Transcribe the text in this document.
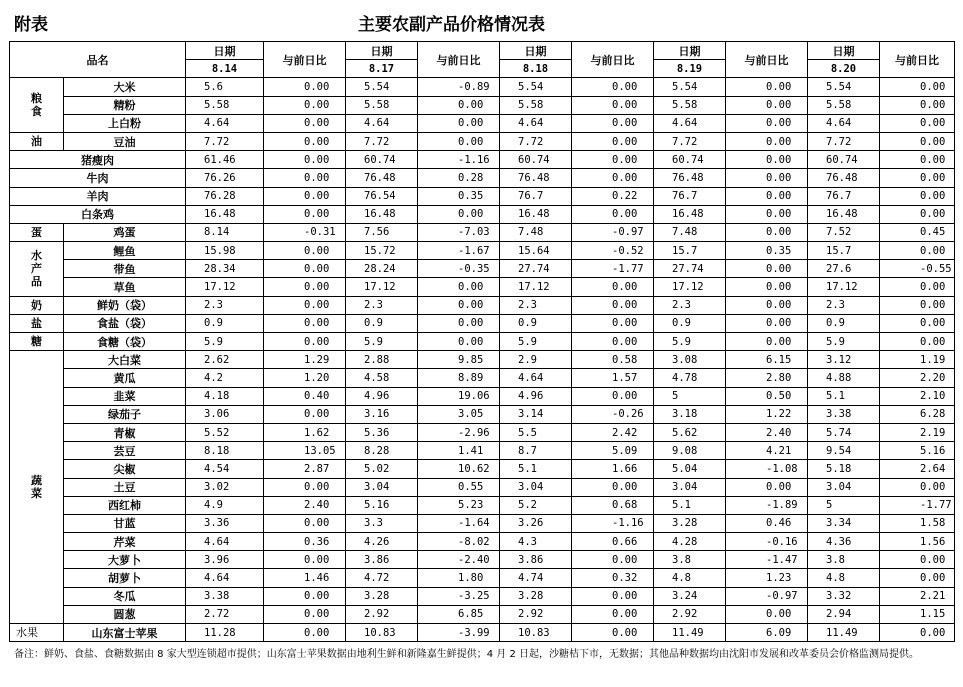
附表	主要农副产品价格情况表
品名		日期	与前日比	日期	与前日比	日期	与前日比	日期	与前日比	日期	与前日比
		8.14		8.17		8.18		8.19		8.20	

粮
食	大米	5.6	0.00	5.54	-0.89	5.54	0.00	5.54	0.00	5.54	0.00
	精粉	5.58	0.00	5.58	0.00	5.58	0.00	5.58	0.00	5.58	0.00
	上白粉	4.64	0.00	4.64	0.00	4.64	0.00	4.64	0.00	4.64	0.00
油	豆油	7.72	0.00	7.72	0.00	7.72	0.00	7.72	0.00	7.72	0.00
猪瘦肉		61.46	0.00	60.74	-1.16	60.74	0.00	60.74	0.00	60.74	0.00
牛肉		76.26	0.00	76.48	0.28	76.48	0.00	76.48	0.00	76.48	0.00
羊肉		76.28	0.00	76.54	0.35	76.7	0.22	76.7	0.00	76.7	0.00
白条鸡		16.48	0.00	16.48	0.00	16.48	0.00	16.48	0.00	16.48	0.00
蛋	鸡蛋	8.14	-0.31	7.56	-7.03	7.48	-0.97	7.48	0.00	7.52	0.45

水
产
品	鲤鱼	15.98	0.00	15.72	-1.67	15.64	-0.52	15.7	0.35	15.7	0.00
	带鱼	28.34	0.00	28.24	-0.35	27.74	-1.77	27.74	0.00	27.6	-0.55
	草鱼	17.12	0.00	17.12	0.00	17.12	0.00	17.12	0.00	17.12	0.00
奶	鲜奶（袋）	2.3	0.00	2.3	0.00	2.3	0.00	2.3	0.00	2.3	0.00
盐	食盐（袋）	0.9	0.00	0.9	0.00	0.9	0.00	0.9	0.00	0.9	0.00
糖	食糖（袋）	5.9	0.00	5.9	0.00	5.9	0.00	5.9	0.00	5.9	0.00

蔬
菜	大白菜	2.62	1.29	2.88	9.85	2.9	0.58	3.08	6.15	3.12	1.19
	黄瓜	4.2	1.20	4.58	8.89	4.64	1.57	4.78	2.80	4.88	2.20
	韭菜	4.18	0.40	4.96	19.06	4.96	0.00	5	0.50	5.1	2.10
	绿茄子	3.06	0.00	3.16	3.05	3.14	-0.26	3.18	1.22	3.38	6.28
	青椒	5.52	1.62	5.36	-2.96	5.5	2.42	5.62	2.40	5.74	2.19
	芸豆	8.18	13.05	8.28	1.41	8.7	5.09	9.08	4.21	9.54	5.16
	尖椒	4.54	2.87	5.02	10.62	5.1	1.66	5.04	-1.08	5.18	2.64
	土豆	3.02	0.00	3.04	0.55	3.04	0.00	3.04	0.00	3.04	0.00
	西红柿	4.9	2.40	5.16	5.23	5.2	0.68	5.1	-1.89	5	-1.77
	甘蓝	3.36	0.00	3.3	-1.64	3.26	-1.16	3.28	0.46	3.34	1.58
	芹菜	4.64	0.36	4.26	-8.02	4.3	0.66	4.28	-0.16	4.36	1.56
	大萝卜	3.96	0.00	3.86	-2.40	3.86	0.00	3.8	-1.47	3.8	0.00
	胡萝卜	4.64	1.46	4.72	1.80	4.74	0.32	4.8	1.23	4.8	0.00
	冬瓜	3.38	0.00	3.28	-3.25	3.28	0.00	3.24	-0.97	3.32	2.21
	圆葱	2.72	0.00	2.92	6.85	2.92	0.00	2.92	0.00	2.94	1.15
水果	山东富士苹果	11.28	0.00	10.83	-3.99	10.83	0.00	11.49	6.09	11.49	0.00
备注：鲜奶、食盐、食糖数据由 8 家大型连锁超市提供；山东富士苹果数据由地利生鲜和新隆嘉生鲜提供；4 月 2 日起，沙糖桔下市，无数据；其他品种数据均由沈阳市发展和改革委员会价格监测局提供。
